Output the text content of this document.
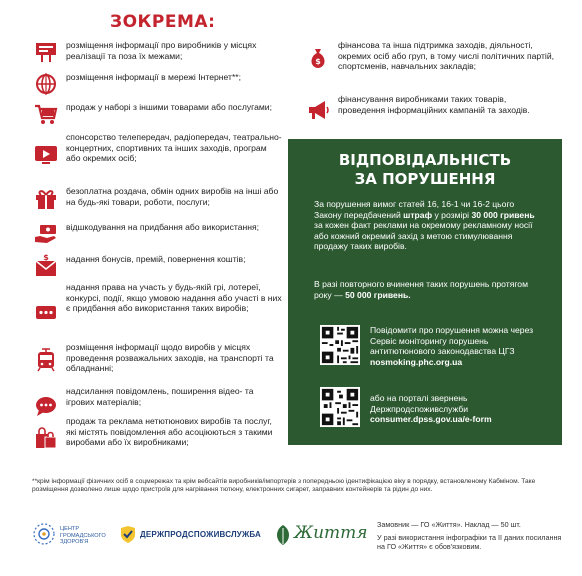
ЗОКРЕМА:
розміщення інформації про виробників у місцях реалізації та поза їх межами;
розміщення інформації в мережі Інтернет**;
продаж у наборі з іншими товарами або послугами;
спонсорство телепередач, радіопередач, театрально-концертних, спортивних та інших заходів, програм або окремих осіб;
безоплатна роздача, обмін одних виробів на інші або на будь-які товари, роботи, послуги;
відшкодування на придбання або використання;
$ надання бонусів, премій, повернення коштів;
надання права на участь у будь-якій грі, лотереї, конкурсі, події, якщо умовою надання або участі в них є придбання або використання таких виробів;
розміщення інформації щодо виробів у місцях проведення розважальних заходів, на транспорті та обладнанні;
надсилання повідомлень, поширення відео- та ігрових матеріалів;
продаж та реклама нетютюнових виробів та послуг, які містять повідомлення або асоціюються з такими виробами або їх виробниками;
$
фінансова та інша підтримка заходів, діяльності, окремих осіб або груп, в тому числі політичних партій, спортсменів, навчальних закладів;
фінансування виробниками таких товарів, проведення інформаційних кампаній та заходів.
ВІДПОВІДАЛЬНІСТЬ
ЗА ПОРУШЕННЯ
За порушення вимог статей 16, 16-1 чи 16-2 цього Закону передбачений штраф у розмірі 30 000 гривень за кожен факт реклами на окремому рекламному носії або кожний окремий захід з метою стимулювання продажу таких виробів.
В разі повторного вчинення таких порушень протягом року — 50 000 гривень.
Повідомити про порушення можна через Сервіс моніторингу порушень антитютюнового законодавства ЦГЗ nosmoking.phc.org.ua
або на порталі звернень Держпродспоживслужби consumer.dpss.gov.ua/e-form
**крім інформації фізичних осіб в соцмережах та крім вебсайтів виробників/імпортерів з попередньою ідентифікацією віку в порядку, встановленому Кабміном. Таке розміщення дозволено лише щодо пристроїв для нагрівання тютюну, електронних сигарет, заправних контейнерів та рідин до них.
ЦЕНТР ГРОМАДСЬКОГО ЗДОРОВ'Я
ДЕРЖПРОДСПОЖИВСЛУЖБА Життя Замовник — ГО «Життя». Наклад — 50 шт.
У разі використання інфографіки та її даних посилання на ГО «Життя» є обов'язковим.
